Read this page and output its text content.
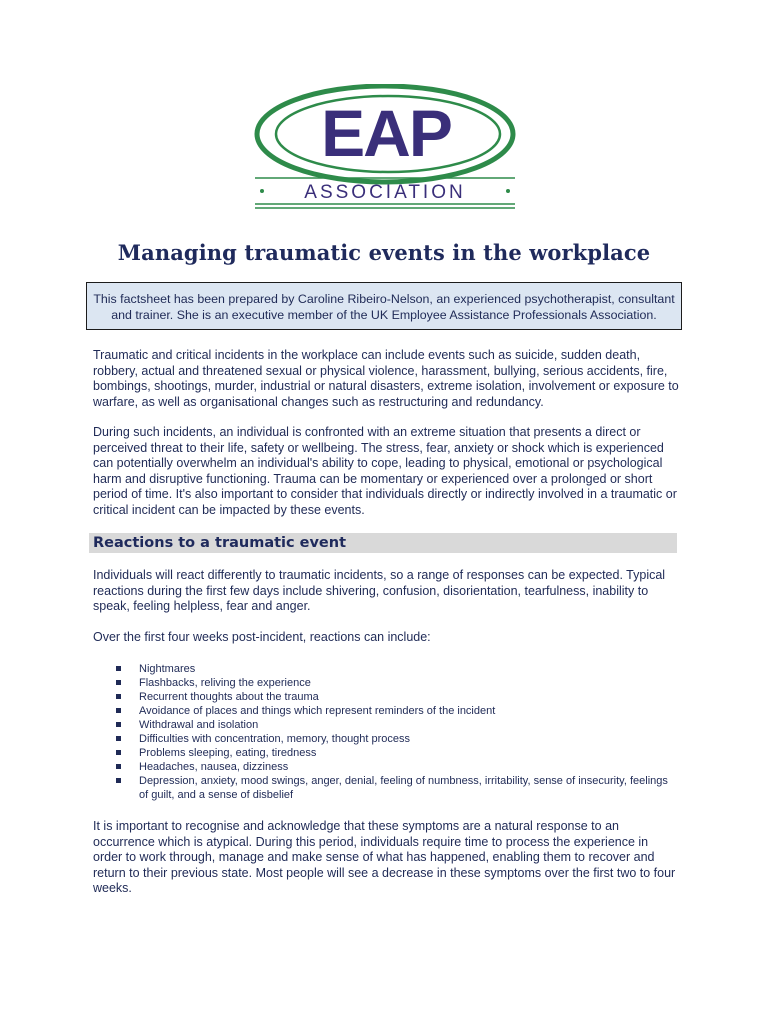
EAP
ASSOCIATION
Managing traumatic events in the workplace
This factsheet has been prepared by Caroline Ribeiro-Nelson, an experienced psychotherapist, consultant and trainer. She is an executive member of the UK Employee Assistance Professionals Association.
Traumatic and critical incidents in the workplace can include events such as suicide, sudden death, robbery, actual and threatened sexual or physical violence, harassment, bullying, serious accidents, fire, bombings, shootings, murder, industrial or natural disasters, extreme isolation, involvement or exposure to warfare, as well as organisational changes such as restructuring and redundancy.
During such incidents, an individual is confronted with an extreme situation that presents a direct or perceived threat to their life, safety or wellbeing. The stress, fear, anxiety or shock which is experienced can potentially overwhelm an individual's ability to cope, leading to physical, emotional or psychological harm and disruptive functioning. Trauma can be momentary or experienced over a prolonged or short period of time. It's also important to consider that individuals directly or indirectly involved in a traumatic or critical incident can be impacted by these events.
Reactions to a traumatic event
Individuals will react differently to traumatic incidents, so a range of responses can be expected. Typical reactions during the first few days include shivering, confusion, disorientation, tearfulness, inability to speak, feeling helpless, fear and anger.
Over the first four weeks post-incident, reactions can include:
Nightmares
Flashbacks, reliving the experience
Recurrent thoughts about the trauma
Avoidance of places and things which represent reminders of the incident
Withdrawal and isolation
Difficulties with concentration, memory, thought process
Problems sleeping, eating, tiredness
Headaches, nausea, dizziness
Depression, anxiety, mood swings, anger, denial, feeling of numbness, irritability, sense of insecurity, feelings of guilt, and a sense of disbelief
It is important to recognise and acknowledge that these symptoms are a natural response to an occurrence which is atypical. During this period, individuals require time to process the experience in order to work through, manage and make sense of what has happened, enabling them to recover and return to their previous state. Most people will see a decrease in these symptoms over the first two to four weeks.
